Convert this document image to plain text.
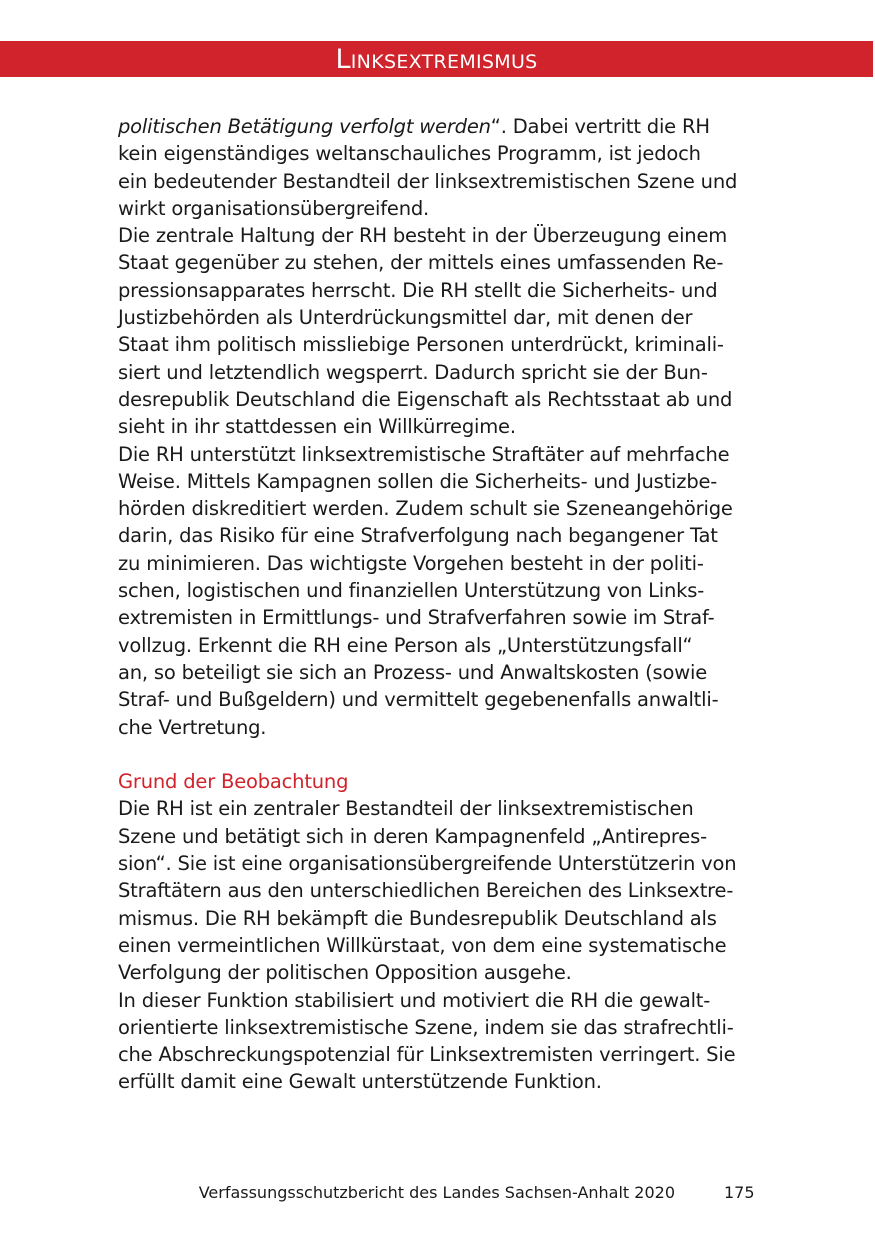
Linksextremismus
politischen Betätigung verfolgt werden“. Dabei vertritt die RH
kein eigenständiges weltanschauliches Programm, ist jedoch
ein bedeutender Bestandteil der linksextremistischen Szene und
wirkt organisationsübergreifend.
Die zentrale Haltung der RH besteht in der Überzeugung einem
Staat gegenüber zu stehen, der mittels eines umfassenden Re-
pressionsapparates herrscht. Die RH stellt die Sicherheits- und
Justizbehörden als Unterdrückungsmittel dar, mit denen der
Staat ihm politisch missliebige Personen unterdrückt, kriminali-
siert und letztendlich wegsperrt. Dadurch spricht sie der Bun-
desrepublik Deutschland die Eigenschaft als Rechtsstaat ab und
sieht in ihr stattdessen ein Willkürregime.
Die RH unterstützt linksextremistische Straftäter auf mehrfache
Weise. Mittels Kampagnen sollen die Sicherheits- und Justizbe-
hörden diskreditiert werden. Zudem schult sie Szeneangehörige
darin, das Risiko für eine Strafverfolgung nach begangener Tat
zu minimieren. Das wichtigste Vorgehen besteht in der politi-
schen, logistischen und finanziellen Unterstützung von Links-
extremisten in Ermittlungs- und Strafverfahren sowie im Straf-
vollzug. Erkennt die RH eine Person als „Unterstützungsfall“
an, so beteiligt sie sich an Prozess- und Anwaltskosten (sowie
Straf- und Bußgeldern) und vermittelt gegebenenfalls anwaltli-
che Vertretung.
Grund der Beobachtung
Die RH ist ein zentraler Bestandteil der linksextremistischen
Szene und betätigt sich in deren Kampagnenfeld „Antirepres-
sion“. Sie ist eine organisationsübergreifende Unterstützerin von
Straftätern aus den unterschiedlichen Bereichen des Linksextre-
mismus. Die RH bekämpft die Bundesrepublik Deutschland als
einen vermeintlichen Willkürstaat, von dem eine systematische
Verfolgung der politischen Opposition ausgehe.
In dieser Funktion stabilisiert und motiviert die RH die gewalt-
orientierte linksextremistische Szene, indem sie das strafrechtli-
che Abschreckungspotenzial für Linksextremisten verringert. Sie
erfüllt damit eine Gewalt unterstützende Funktion.
Verfassungsschutzbericht des Landes Sachsen-Anhalt 2020	175
